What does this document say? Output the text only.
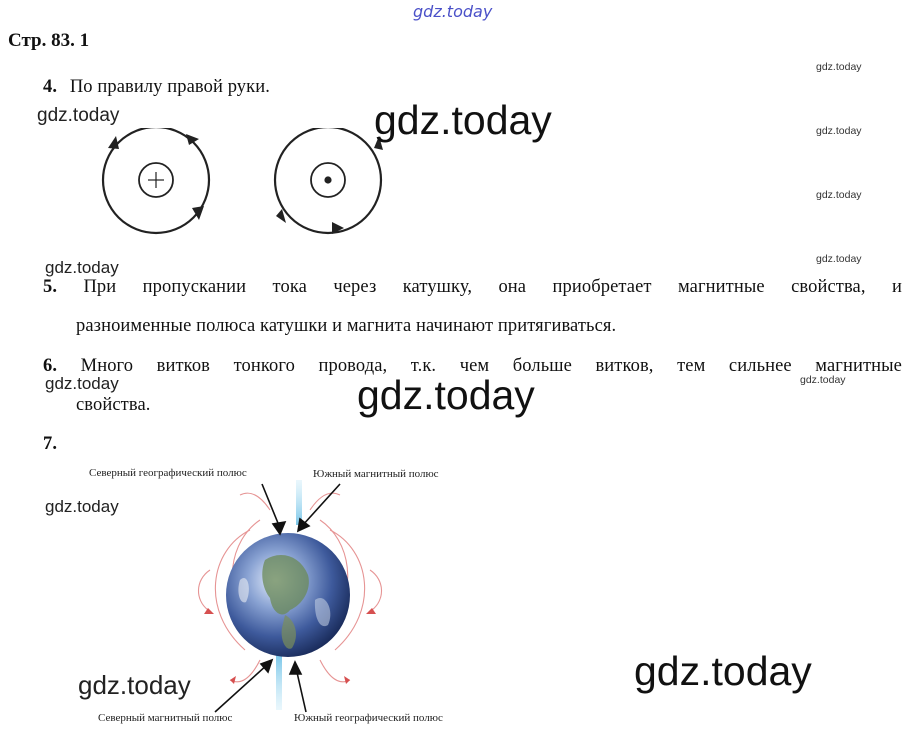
gdz.today
Стр. 83. 1
4. По правилу правой руки.
5. При пропускании тока через катушку, она приобретает магнитные свойства, и
разноименные полюса катушки и магнита начинают притягиваться.
6. Много витков тонкого провода, т.к. чем больше витков, тем сильнее магнитные
свойства.
7.
Северный географический полюс	Южный магнитный полюс
Северный магнитный полюс	Южный географический полюс
gdz.today
gdz.today
gdz.today
gdz.today
gdz.today
gdz.today
gdz.today
gdz.today
gdz.today
gdz.today
gdz.today
gdz.today
gdz.today
